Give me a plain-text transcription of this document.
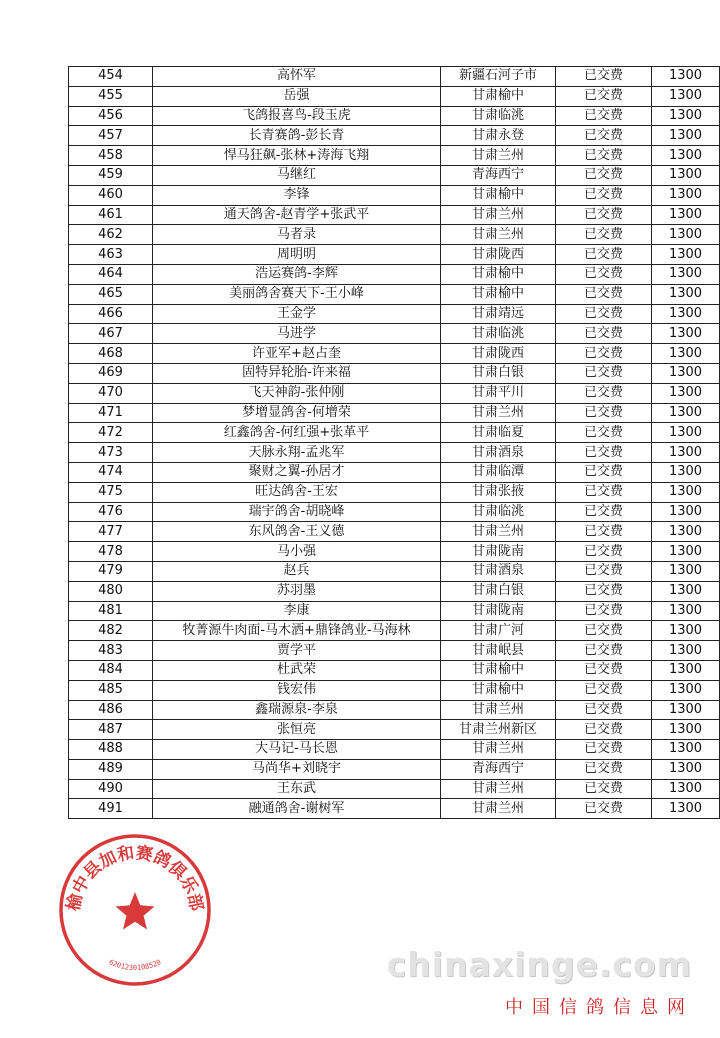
454	高怀军	新疆石河子市	已交费	1300
455	岳强	甘肃榆中	已交费	1300
456	飞鸽报喜鸟-段玉虎	甘肃临洮	已交费	1300
457	长青赛鸽-彭长青	甘肃永登	已交费	1300
458	悍马狂飙-张林+涛海飞翔	甘肃兰州	已交费	1300
459	马继红	青海西宁	已交费	1300
460	李锋	甘肃榆中	已交费	1300
461	通天鸽舍-赵青学+张武平	甘肃兰州	已交费	1300
462	马者录	甘肃兰州	已交费	1300
463	周明明	甘肃陇西	已交费	1300
464	浩运赛鸽-李辉	甘肃榆中	已交费	1300
465	美丽鸽舍赛天下-王小峰	甘肃榆中	已交费	1300
466	王金学	甘肃靖远	已交费	1300
467	马进学	甘肃临洮	已交费	1300
468	许亚军+赵占奎	甘肃陇西	已交费	1300
469	固特异轮胎-许来福	甘肃白银	已交费	1300
470	飞天神韵-张仲刚	甘肃平川	已交费	1300
471	梦增显鸽舍-何增荣	甘肃兰州	已交费	1300
472	红鑫鸽舍-何红强+张革平	甘肃临夏	已交费	1300
473	天脉永翔-孟兆军	甘肃酒泉	已交费	1300
474	聚财之翼-孙居才	甘肃临潭	已交费	1300
475	旺达鸽舍-王宏	甘肃张掖	已交费	1300
476	瑞宇鸽舍-胡晓峰	甘肃临洮	已交费	1300
477	东风鸽舍-王义德	甘肃兰州	已交费	1300
478	马小强	甘肃陇南	已交费	1300
479	赵兵	甘肃酒泉	已交费	1300
480	苏羽墨	甘肃白银	已交费	1300
481	李康	甘肃陇南	已交费	1300
482	牧菁源牛肉面-马木洒+鼎锋鸽业-马海林	甘肃广河	已交费	1300
483	贾学平	甘肃岷县	已交费	1300
484	杜武荣	甘肃榆中	已交费	1300
485	钱宏伟	甘肃榆中	已交费	1300
486	鑫瑞源泉-李泉	甘肃兰州	已交费	1300
487	张恒亮	甘肃兰州新区	已交费	1300
488	大马记-马长恩	甘肃兰州	已交费	1300
489	马尚华+刘晓宇	青海西宁	已交费	1300
490	王东武	甘肃兰州	已交费	1300
491	融通鸽舍-谢树军	甘肃兰州	已交费	1300
榆中县加和赛鸽俱乐部
6201230108520	chinaxinge.com
中国信鸽信息网
